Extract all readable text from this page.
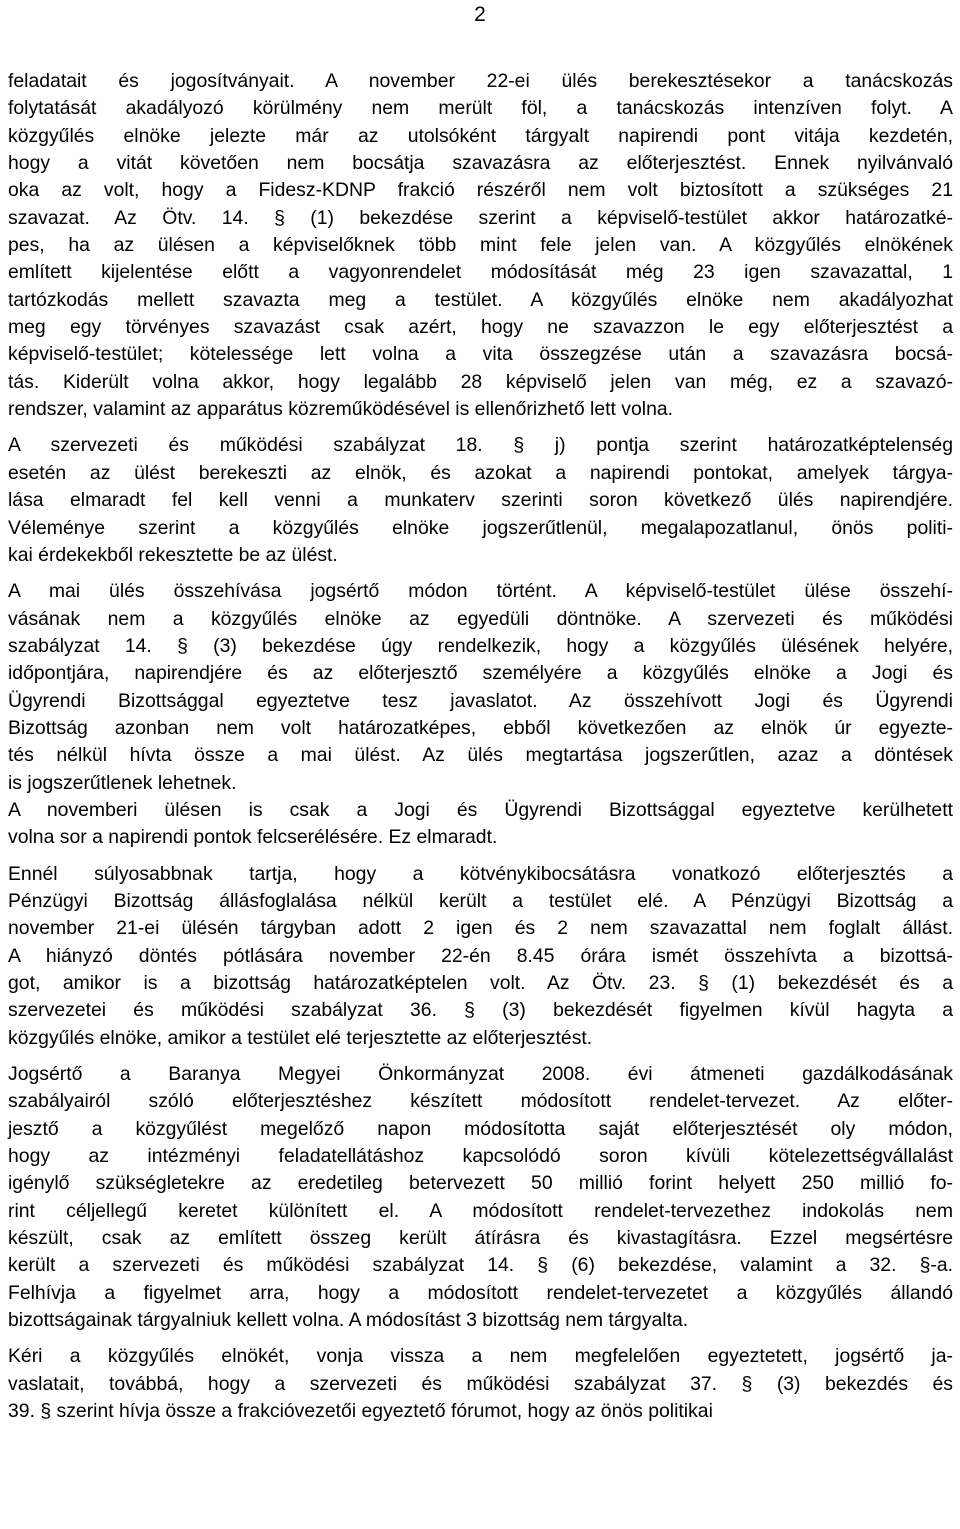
2
feladatait és jogosítványait. A november 22-ei ülés berekesztésekor a tanácskozás
folytatását akadályozó körülmény nem merült föl, a tanácskozás intenzíven folyt. A
közgyűlés elnöke jelezte már az utolsóként tárgyalt napirendi pont vitája kezdetén,
hogy a vitát követően nem bocsátja szavazásra az előterjesztést. Ennek nyilvánvaló
oka az volt, hogy a Fidesz-KDNP frakció részéről nem volt biztosított a szükséges 21
szavazat. Az Ötv. 14. § (1) bekezdése szerint a képviselő-testület akkor határozatké-
pes, ha az ülésen a képviselőknek több mint fele jelen van. A közgyűlés elnökének
említett kijelentése előtt a vagyonrendelet módosítását még 23 igen szavazattal, 1
tartózkodás mellett szavazta meg a testület. A közgyűlés elnöke nem akadályozhat
meg egy törvényes szavazást csak azért, hogy ne szavazzon le egy előterjesztést a
képviselő-testület; kötelessége lett volna a vita összegzése után a szavazásra bocsá-
tás. Kiderült volna akkor, hogy legalább 28 képviselő jelen van még, ez a szavazó-
rendszer, valamint az apparátus közreműködésével is ellenőrizhető lett volna.
A szervezeti és működési szabályzat 18. § j) pontja szerint határozatképtelenség
esetén az ülést berekeszti az elnök, és azokat a napirendi pontokat, amelyek tárgya-
lása elmaradt fel kell venni a munkaterv szerinti soron következő ülés napirendjére.
Véleménye szerint a közgyűlés elnöke jogszerűtlenül, megalapozatlanul, önös politi-
kai érdekekből rekesztette be az ülést.
A mai ülés összehívása jogsértő módon történt. A képviselő-testület ülése összehí-
vásának nem a közgyűlés elnöke az egyedüli döntnöke. A szervezeti és működési
szabályzat 14. § (3) bekezdése úgy rendelkezik, hogy a közgyűlés ülésének helyére,
időpontjára, napirendjére és az előterjesztő személyére a közgyűlés elnöke a Jogi és
Ügyrendi Bizottsággal egyeztetve tesz javaslatot. Az összehívott Jogi és Ügyrendi
Bizottság azonban nem volt határozatképes, ebből következően az elnök úr egyezte-
tés nélkül hívta össze a mai ülést. Az ülés megtartása jogszerűtlen, azaz a döntések
is jogszerűtlenek lehetnek.
A novemberi ülésen is csak a Jogi és Ügyrendi Bizottsággal egyeztetve kerülhetett
volna sor a napirendi pontok felcserélésére. Ez elmaradt.
Ennél súlyosabbnak tartja, hogy a kötvénykibocsátásra vonatkozó előterjesztés a
Pénzügyi Bizottság állásfoglalása nélkül került a testület elé. A Pénzügyi Bizottság a
november 21-ei ülésén tárgyban adott 2 igen és 2 nem szavazattal nem foglalt állást.
A hiányzó döntés pótlására november 22-én 8.45 órára ismét összehívta a bizottsá-
got, amikor is a bizottság határozatképtelen volt. Az Ötv. 23. § (1) bekezdését és a
szervezetei és működési szabályzat 36. § (3) bekezdését figyelmen kívül hagyta a
közgyűlés elnöke, amikor a testület elé terjesztette az előterjesztést.
Jogsértő a Baranya Megyei Önkormányzat 2008. évi átmeneti gazdálkodásának
szabályairól szóló előterjesztéshez készített módosított rendelet-tervezet. Az előter-
jesztő a közgyűlést megelőző napon módosította saját előterjesztését oly módon,
hogy az intézményi feladatellátáshoz kapcsolódó soron kívüli kötelezettségvállalást
igénylő szükségletekre az eredetileg betervezett 50 millió forint helyett 250 millió fo-
rint céljellegű keretet különített el. A módosított rendelet-tervezethez indokolás nem
készült, csak az említett összeg került átírásra és kivastagításra. Ezzel megsértésre
került a szervezeti és működési szabályzat 14. § (6) bekezdése, valamint a 32. §-a.
Felhívja a figyelmet arra, hogy a módosított rendelet-tervezetet a közgyűlés állandó
bizottságainak tárgyalniuk kellett volna. A módosítást 3 bizottság nem tárgyalta.
Kéri a közgyűlés elnökét, vonja vissza a nem megfelelően egyeztetett, jogsértő ja-
vaslatait, továbbá, hogy a szervezeti és működési szabályzat 37. § (3) bekezdés és
39. § szerint hívja össze a frakcióvezetői egyeztető fórumot, hogy az önös politikai
